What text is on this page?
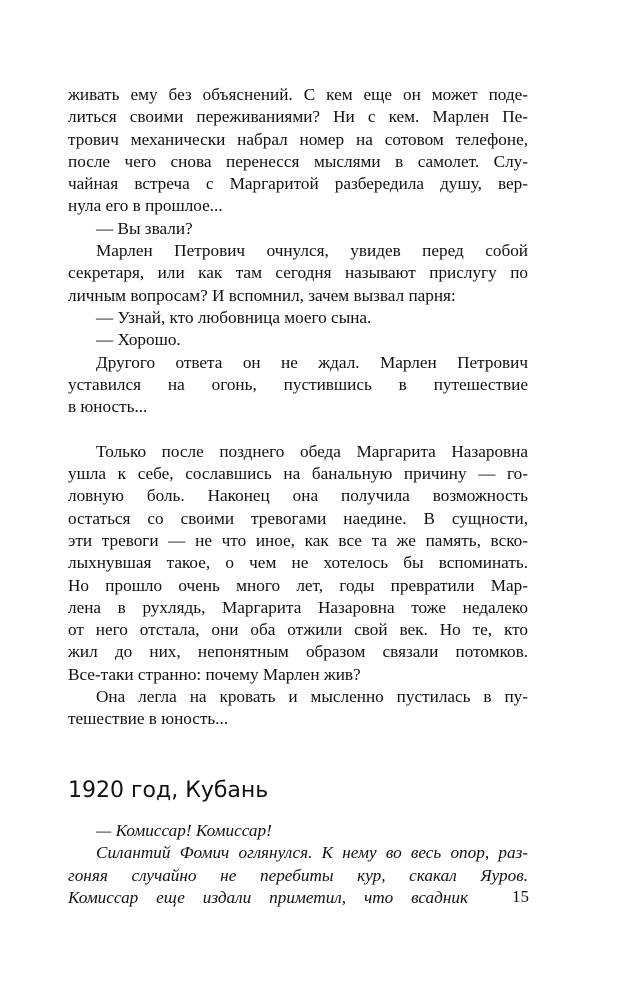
живать ему без объяснений. С кем еще он может поде-
литься своими переживаниями? Ни с кем. Марлен Пе-
трович механически набрал номер на сотовом телефоне,
после чего снова перенесся мыслями в самолет. Слу-
чайная встреча с Маргаритой разбередила душу, вер-
нула его в прошлое...
— Вы звали?
Марлен Петрович очнулся, увидев перед собой
секретаря, или как там сегодня называют прислугу по
личным вопросам? И вспомнил, зачем вызвал парня:
— Узнай, кто любовница моего сына.
— Хорошо.
Другого ответа он не ждал. Марлен Петрович
уставился на огонь, пустившись в путешествие
в юность...
Только после позднего обеда Маргарита Назаровна
ушла к себе, сославшись на банальную причину — го-
ловную боль. Наконец она получила возможность
остаться со своими тревогами наедине. В сущности,
эти тревоги — не что иное, как все та же память, вско-
лыхнувшая такое, о чем не хотелось бы вспоминать.
Но прошло очень много лет, годы превратили Мар-
лена в рухлядь, Маргарита Назаровна тоже недалеко
от него отстала, они оба отжили свой век. Но те, кто
жил до них, непонятным образом связали потомков.
Все-таки странно: почему Марлен жив?
Она легла на кровать и мысленно пустилась в пу-
тешествие в юность...
1920 год, Кубань
— Комиссар! Комиссар!
Силантий Фомич оглянулся. К нему во весь опор, раз-
гоняя случайно не перебиты кур, скакал Яуров.
Комиссар еще издали приметил, что всадник	15
